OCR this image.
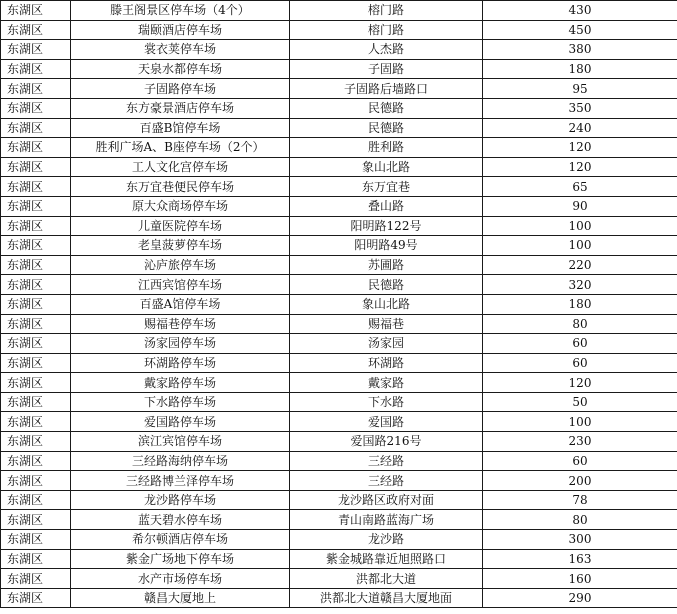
东湖区	滕王阁景区停车场（4个）	榕门路	430
东湖区	瑞颐酒店停车场	榕门路	450
东湖区	裳衣荚停车场	人杰路	380
东湖区	天泉水都停车场	子固路	180
东湖区	子固路停车场	子固路后墙路口	95
东湖区	东方豪景酒店停车场	民德路	350
东湖区	百盛B馆停车场	民德路	240
东湖区	胜利广场A、B座停车场（2个）	胜利路	120
东湖区	工人文化宫停车场	象山北路	120
东湖区	东万宜巷便民停车场	东万宜巷	65
东湖区	原大众商场停车场	叠山路	90
东湖区	儿童医院停车场	阳明路122号	100
东湖区	老皇菠萝停车场	阳明路49号	100
东湖区	沁庐旅停车场	苏圃路	220
东湖区	江西宾馆停车场	民德路	320
东湖区	百盛A馆停车场	象山北路	180
东湖区	赐福巷停车场	赐福巷	80
东湖区	汤家园停车场	汤家园	60
东湖区	环湖路停车场	环湖路	60
东湖区	戴家路停车场	戴家路	120
东湖区	下水路停车场	下水路	50
东湖区	爱国路停车场	爱国路	100
东湖区	滨江宾馆停车场	爱国路216号	230
东湖区	三经路海纳停车场	三经路	60
东湖区	三经路博兰泽停车场	三经路	200
东湖区	龙沙路停车场	龙沙路区政府对面	78
东湖区	蓝天碧水停车场	青山南路蓝海广场	80
东湖区	希尔顿酒店停车场	龙沙路	300
东湖区	紫金广场地下停车场	紫金城路靠近旭照路口	163
东湖区	水产市场停车场	洪都北大道	160
东湖区	赣昌大厦地上	洪都北大道赣昌大厦地面	290
